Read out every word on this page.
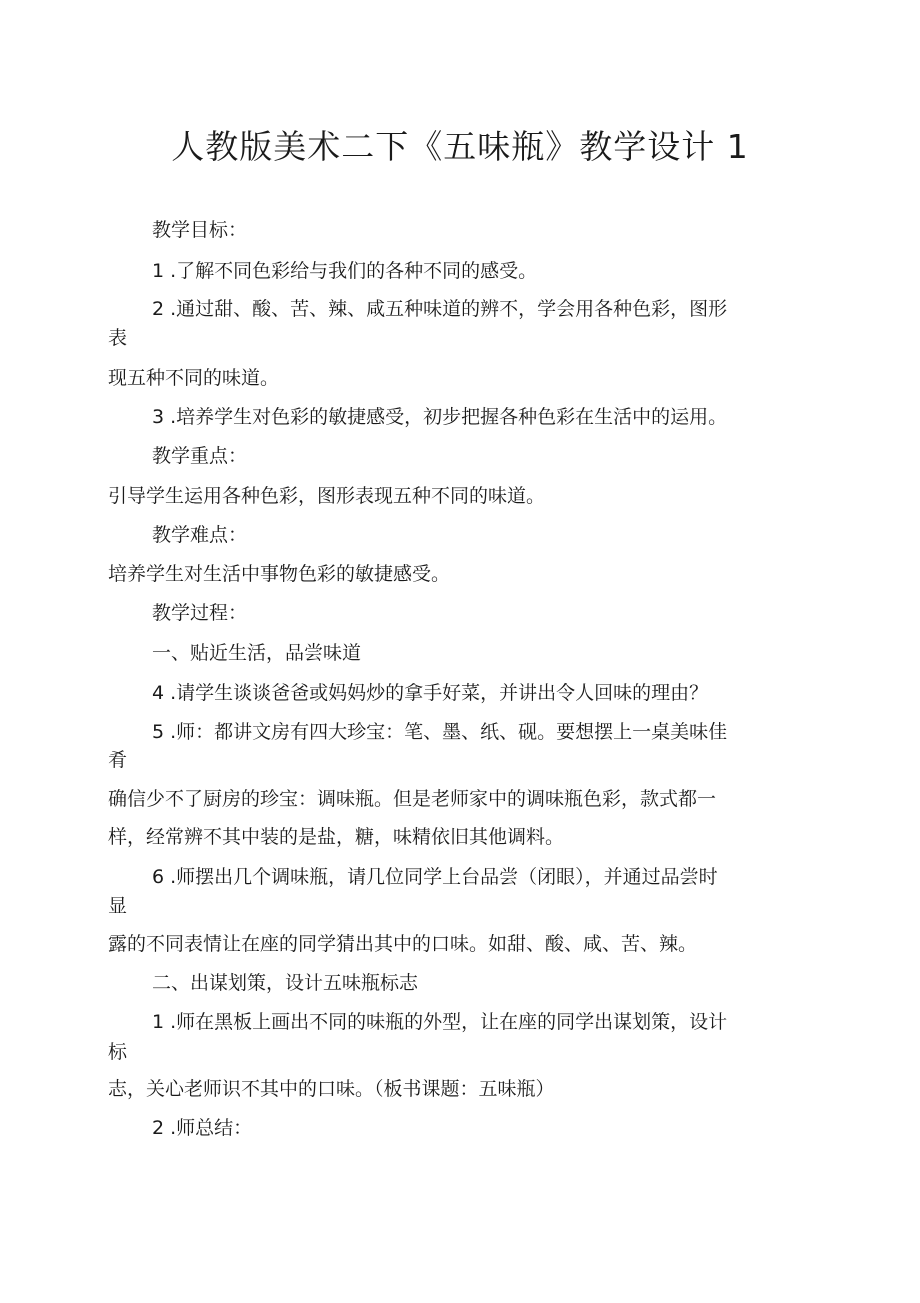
人教版美术二下《五味瓶》教学设计 1
教学目标：
1 .了解不同色彩给与我们的各种不同的感受。
2 .通过甜、酸、苦、辣、咸五种味道的辨不，学会用各种色彩，图形
表
现五种不同的味道。
3 .培养学生对色彩的敏捷感受，初步把握各种色彩在生活中的运用。
教学重点：
引导学生运用各种色彩，图形表现五种不同的味道。
教学难点：
培养学生对生活中事物色彩的敏捷感受。
教学过程：
一、贴近生活，品尝味道
4 .请学生谈谈爸爸或妈妈炒的拿手好菜，并讲出令人回味的理由？
5 .师：都讲文房有四大珍宝：笔、墨、纸、砚。要想摆上一桌美味佳
肴
确信少不了厨房的珍宝：调味瓶。但是老师家中的调味瓶色彩，款式都一
样，经常辨不其中装的是盐，糖，味精依旧其他调料。
6 .师摆出几个调味瓶，请几位同学上台品尝（闭眼），并通过品尝时
显
露的不同表情让在座的同学猜出其中的口味。如甜、酸、咸、苦、辣。
二、出谋划策，设计五味瓶标志
1 .师在黑板上画出不同的味瓶的外型，让在座的同学出谋划策，设计
标
志，关心老师识不其中的口味。（板书课题：五味瓶）
2 .师总结：
